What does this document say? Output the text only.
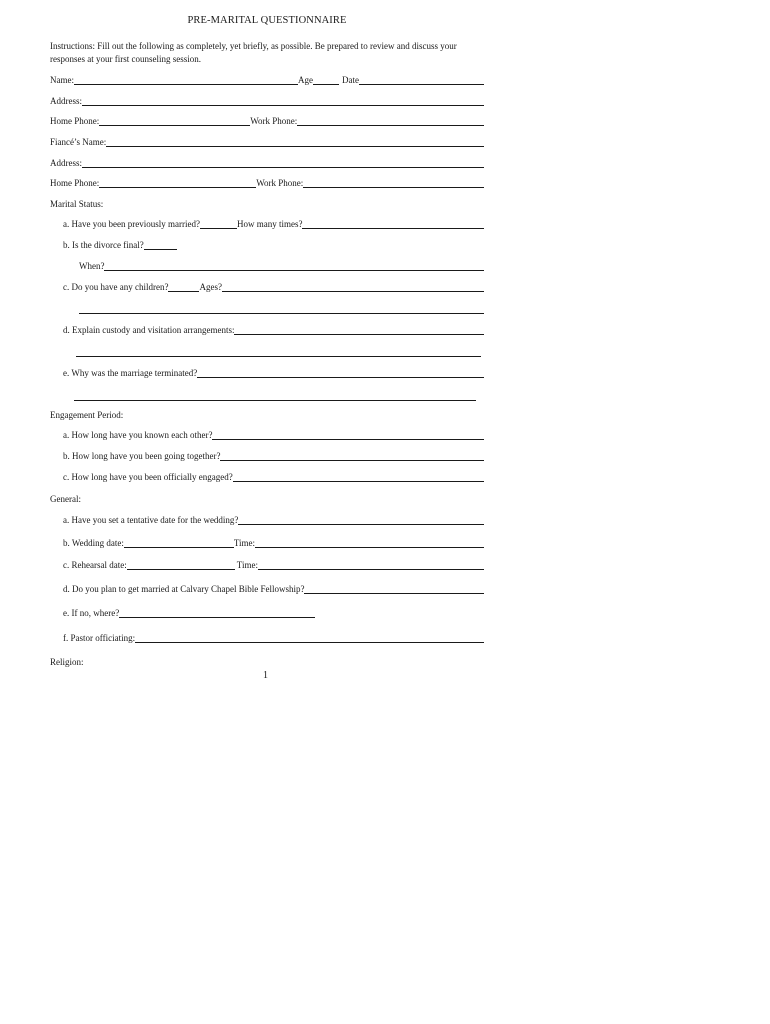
PRE-MARITAL QUESTIONNAIRE
Instructions: Fill out the following as completely, yet briefly, as possible. Be prepared to review and discuss your responses at your first counseling session.
Name:	Age	Date
Address:
Home Phone:	Work Phone:
Fiancé’s Name:
Address:
Home Phone:	Work Phone:
Marital Status:
a. Have you been previously married?	How many times?
b. Is the divorce final?
When?
c. Do you have any children?	Ages?
d. Explain custody and visitation arrangements:
e. Why was the marriage terminated?
Engagement Period:
a. How long have you known each other?
b. How long have you been going together?
c. How long have you been officially engaged?
General:
a. Have you set a tentative date for the wedding?
b. Wedding date:	Time:
c. Rehearsal date:	Time:
d. Do you plan to get married at Calvary Chapel Bible Fellowship?
e. If no, where?
f. Pastor officiating:
Religion:
1
